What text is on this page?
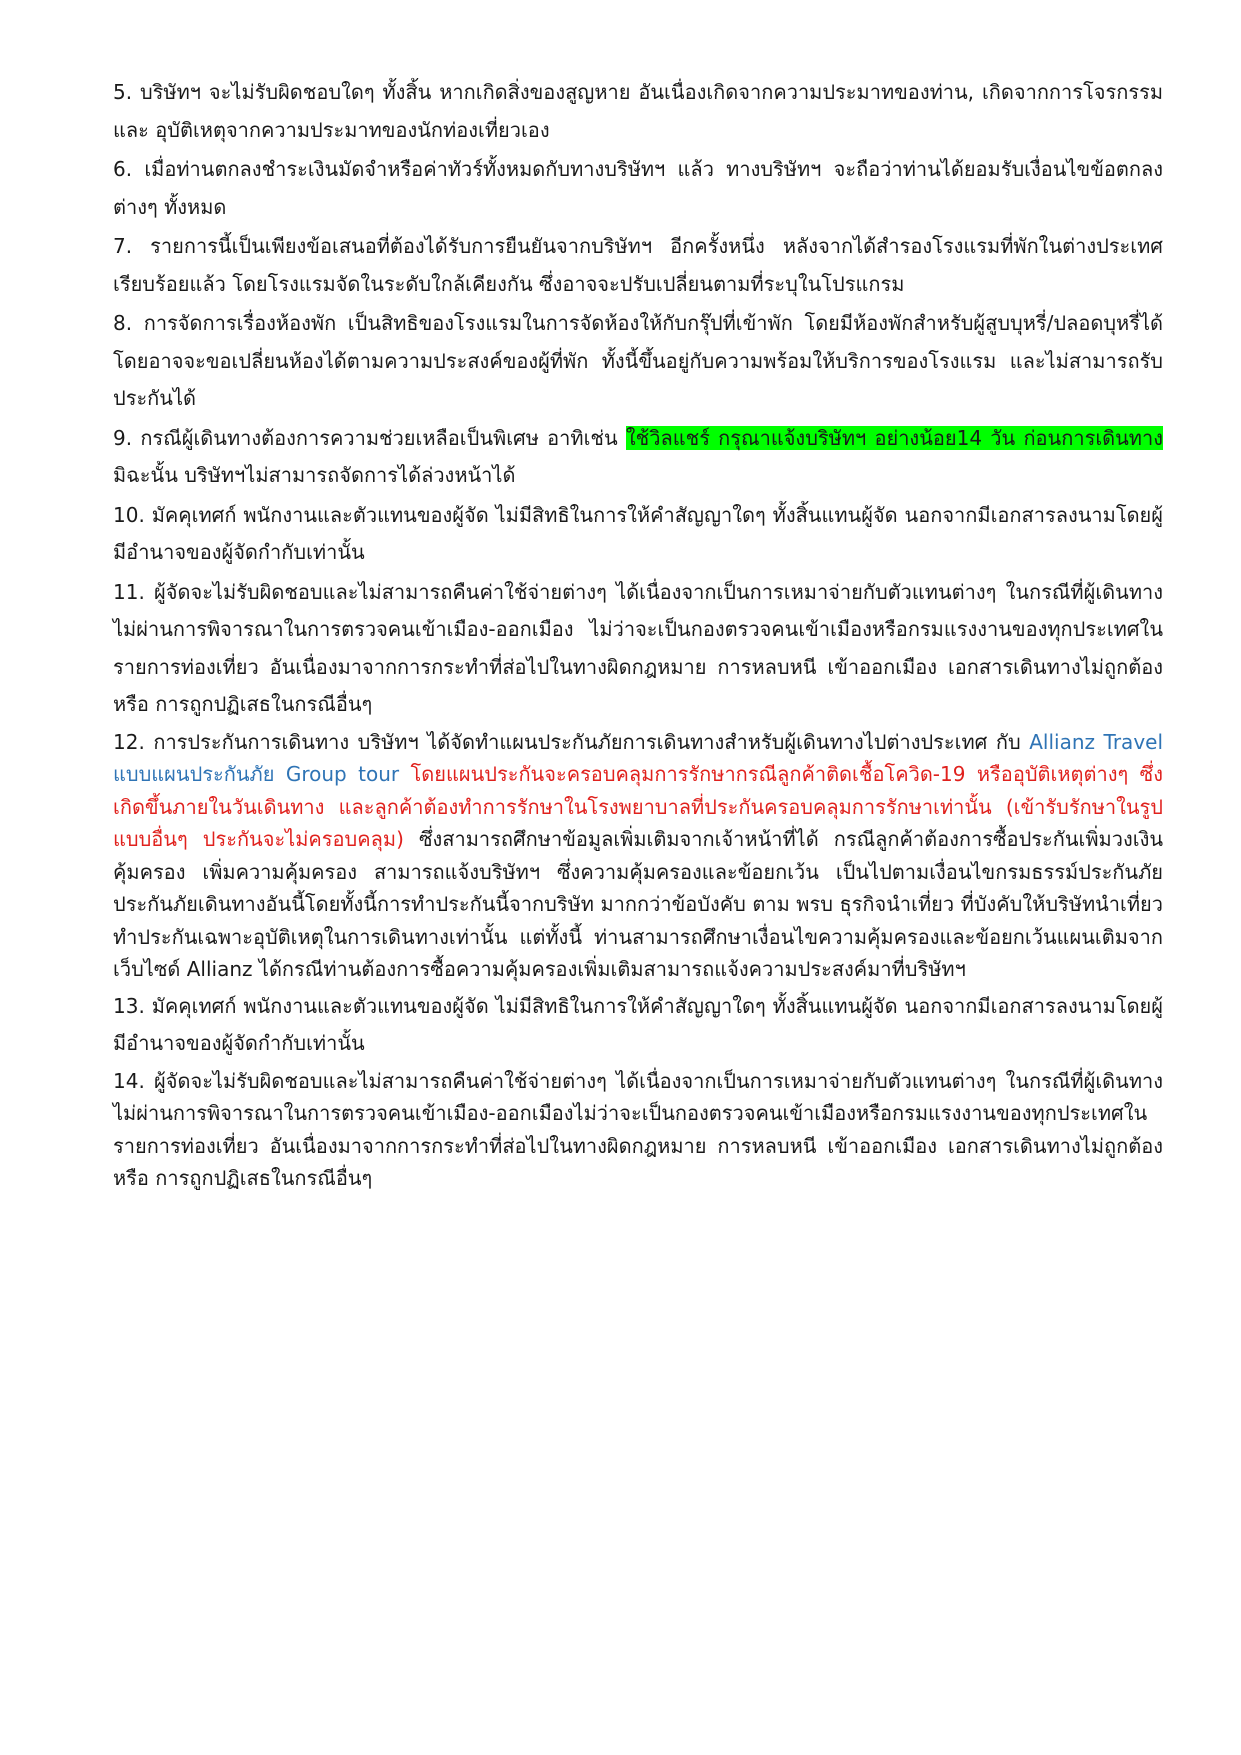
5. บริษัทฯ จะไม่รับผิดชอบใดๆ ทั้งสิ้น หากเกิดสิ่งของสูญหาย อันเนื่องเกิดจากความประมาทของท่าน, เกิดจากการโจรกรรม และ อุบัติเหตุจากความประมาทของนักท่องเที่ยวเอง

6. เมื่อท่านตกลงชำระเงินมัดจำหรือค่าทัวร์ทั้งหมดกับทางบริษัทฯ แล้ว ทางบริษัทฯ จะถือว่าท่านได้ยอมรับเงื่อนไขข้อตกลงต่างๆ ทั้งหมด

7. รายการนี้เป็นเพียงข้อเสนอที่ต้องได้รับการยืนยันจากบริษัทฯ อีกครั้งหนึ่ง หลังจากได้สำรองโรงแรมที่พักในต่างประเทศเรียบร้อยแล้ว โดยโรงแรมจัดในระดับใกล้เคียงกัน ซึ่งอาจจะปรับเปลี่ยนตามที่ระบุในโปรแกรม

8. การจัดการเรื่องห้องพัก เป็นสิทธิของโรงแรมในการจัดห้องให้กับกรุ๊ปที่เข้าพัก โดยมีห้องพักสำหรับผู้สูบบุหรี่/ปลอดบุหรี่ได้ โดยอาจจะขอเปลี่ยนห้องได้ตามความประสงค์ของผู้ที่พัก ทั้งนี้ขึ้นอยู่กับความพร้อมให้บริการของโรงแรม และไม่สามารถรับประกันได้

9. กรณีผู้เดินทางต้องการความช่วยเหลือเป็นพิเศษ อาทิเช่น ใช้วิลแชร์ กรุณาแจ้งบริษัทฯ อย่างน้อย14 วัน ก่อนการเดินทาง มิฉะนั้น บริษัทฯไม่สามารถจัดการได้ล่วงหน้าได้

10. มัคคุเทศก์ พนักงานและตัวแทนของผู้จัด ไม่มีสิทธิในการให้คำสัญญาใดๆ ทั้งสิ้นแทนผู้จัด นอกจากมีเอกสารลงนามโดยผู้มีอำนาจของผู้จัดกำกับเท่านั้น

11. ผู้จัดจะไม่รับผิดชอบและไม่สามารถคืนค่าใช้จ่ายต่างๆ ได้เนื่องจากเป็นการเหมาจ่ายกับตัวแทนต่างๆ ในกรณีที่ผู้เดินทางไม่ผ่านการพิจารณาในการตรวจคนเข้าเมือง-ออกเมือง ไม่ว่าจะเป็นกองตรวจคนเข้าเมืองหรือกรมแรงงานของทุกประเทศในรายการท่องเที่ยว อันเนื่องมาจากการกระทำที่ส่อไปในทางผิดกฎหมาย การหลบหนี เข้าออกเมือง เอกสารเดินทางไม่ถูกต้อง หรือ การถูกปฏิเสธในกรณีอื่นๆ

12. การประกันการเดินทาง บริษัทฯ ได้จัดทำแผนประกันภัยการเดินทางสำหรับผู้เดินทางไปต่างประเทศ กับ Allianz Travel แบบแผนประกันภัย Group tour โดยแผนประกันจะครอบคลุมการรักษากรณีลูกค้าติดเชื้อโควิด-19 หรืออุบัติเหตุต่างๆ ซึ่งเกิดขึ้นภายในวันเดินทาง และลูกค้าต้องทำการรักษาในโรงพยาบาลที่ประกันครอบคลุมการรักษาเท่านั้น (เข้ารับรักษาในรูปแบบอื่นๆ ประกันจะไม่ครอบคลุม) ซึ่งสามารถศึกษาข้อมูลเพิ่มเติมจากเจ้าหน้าที่ได้ กรณีลูกค้าต้องการซื้อประกันเพิ่มวงเงินคุ้มครอง เพิ่มความคุ้มครอง สามารถแจ้งบริษัทฯ ซึ่งความคุ้มครองและข้อยกเว้น เป็นไปตามเงื่อนไขกรมธรรม์ประกันภัยประกันภัยเดินทางอันนี้โดยทั้งนี้การทำประกันนี้จากบริษัท มากกว่าข้อบังคับ ตาม พรบ ธุรกิจนำเที่ยว ที่บังคับให้บริษัทนำเที่ยวทำประกันเฉพาะอุบัติเหตุในการเดินทางเท่านั้น แต่ทั้งนี้ ท่านสามารถศึกษาเงื่อนไขความคุ้มครองและข้อยกเว้นแผนเติมจากเว็บไซด์ Allianz ได้กรณีท่านต้องการซื้อความคุ้มครองเพิ่มเติมสามารถแจ้งความประสงค์มาที่บริษัทฯ

13. มัคคุเทศก์ พนักงานและตัวแทนของผู้จัด ไม่มีสิทธิในการให้คำสัญญาใดๆ ทั้งสิ้นแทนผู้จัด นอกจากมีเอกสารลงนามโดยผู้มีอำนาจของผู้จัดกำกับเท่านั้น

14. ผู้จัดจะไม่รับผิดชอบและไม่สามารถคืนค่าใช้จ่ายต่างๆ ได้เนื่องจากเป็นการเหมาจ่ายกับตัวแทนต่างๆ ในกรณีที่ผู้เดินทางไม่ผ่านการพิจารณาในการตรวจคนเข้าเมือง-ออกเมืองไม่ว่าจะเป็นกองตรวจคนเข้าเมืองหรือกรมแรงงานของทุกประเทศในรายการท่องเที่ยว อันเนื่องมาจากการกระทำที่ส่อไปในทางผิดกฎหมาย การหลบหนี เข้าออกเมือง เอกสารเดินทางไม่ถูกต้อง หรือ การถูกปฏิเสธในกรณีอื่นๆ
